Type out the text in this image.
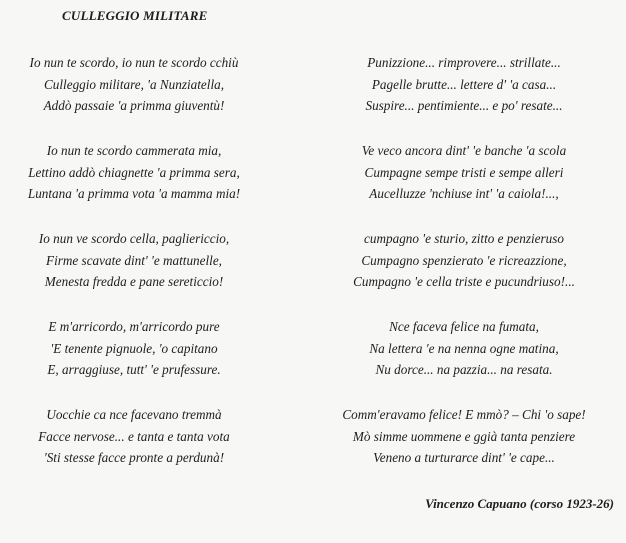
CULLEGGIO MILITARE
Io nun te scordo, io nun te scordo cchiù
Culleggio militare, 'a Nunziatella,
Addò passaie 'a primma giuventù!
Io nun te scordo cammerata mia,
Lettino addò chiagnette 'a primma sera,
Luntana 'a primma vota 'a mamma mia!
Io nun ve scordo cella, pagliericcio,
Firme scavate dint' 'e mattunelle,
Menesta fredda e pane sereticcio!
E m'arricordo, m'arricordo pure
'E tenente pignuole, 'o capitano
E, arraggiuse, tutt' 'e prufessure.
Uocchie ca nce facevano tremmà
Facce nervose... e tanta e tanta vota
'Sti stesse facce pronte a perdunà!
Punizzione... rimprovere... strillate...
Pagelle brutte... lettere d' 'a casa...
Suspire... pentimiente... e po' resate...
Ve veco ancora dint' 'e banche 'a scola
Cumpagne sempe tristi e sempe alleri
Aucelluzze 'nchiuse int' 'a caiola!...,
cumpagno 'e sturio, zitto e penzieruso
Cumpagno spenzierato 'e ricreazzione,
Cumpagno 'e cella triste e pucundriuso!...
Nce faceva felice na fumata,
Na lettera 'e na nenna ogne matina,
Nu dorce... na pazzia... na resata.
Comm'eravamo felice! E mmò? – Chi 'o sape!
Mò simme uommene e ggià tanta penziere
Veneno a turturarce dint' 'e cape...
Vincenzo Capuano (corso 1923-26)
